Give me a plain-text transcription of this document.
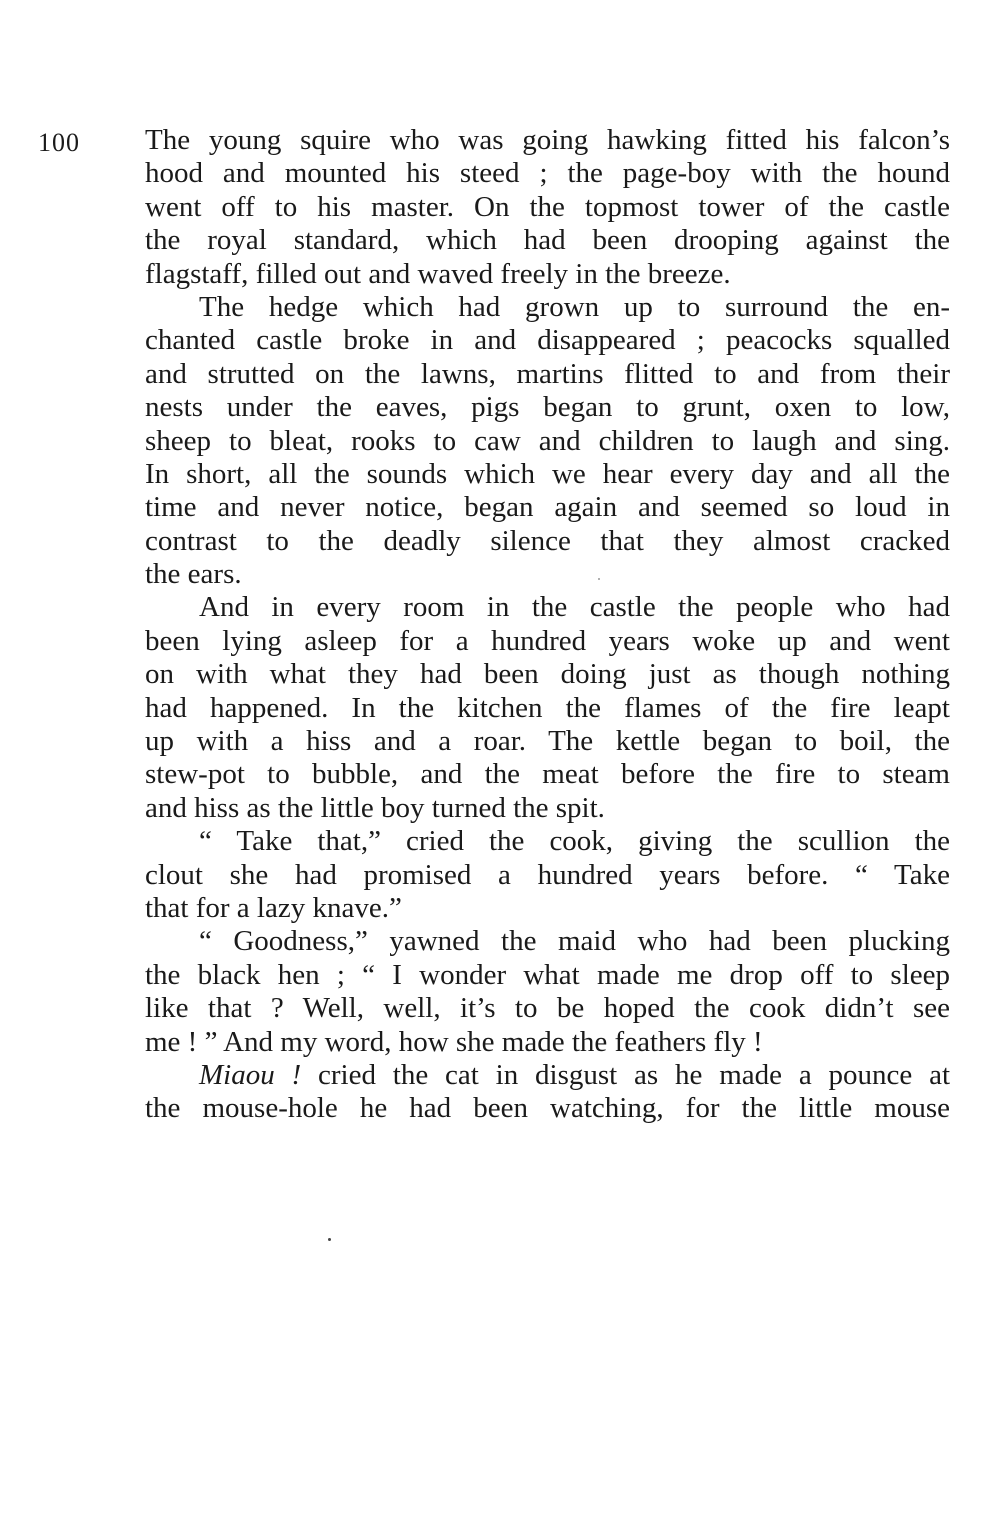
100 The young squire who was going hawking fitted his falcon’s
hood and mounted his steed ; the page-boy with the hound
went off to his master. On the topmost tower of the castle
the royal standard, which had been drooping against the
flagstaff, filled out and waved freely in the breeze.
The hedge which had grown up to surround the en-
chanted castle broke in and disappeared ; peacocks squalled
and strutted on the lawns, martins flitted to and from their
nests under the eaves, pigs began to grunt, oxen to low,
sheep to bleat, rooks to caw and children to laugh and sing.
In short, all the sounds which we hear every day and all the
time and never notice, began again and seemed so loud in
contrast to the deadly silence that they almost cracked
the ears.
And in every room in the castle the people who had
been lying asleep for a hundred years woke up and went
on with what they had been doing just as though nothing
had happened. In the kitchen the flames of the fire leapt
up with a hiss and a roar. The kettle began to boil, the
stew-pot to bubble, and the meat before the fire to steam
and hiss as the little boy turned the spit.
“ Take that,” cried the cook, giving the scullion the
clout she had promised a hundred years before. “ Take
that for a lazy knave.”
“ Goodness,” yawned the maid who had been plucking
the black hen ; “ I wonder what made me drop off to sleep
like that ? Well, well, it’s to be hoped the cook didn’t see
me ! ” And my word, how she made the feathers fly !
Miaou ! cried the cat in disgust as he made a pounce at
the mouse-hole he had been watching, for the little mouse
